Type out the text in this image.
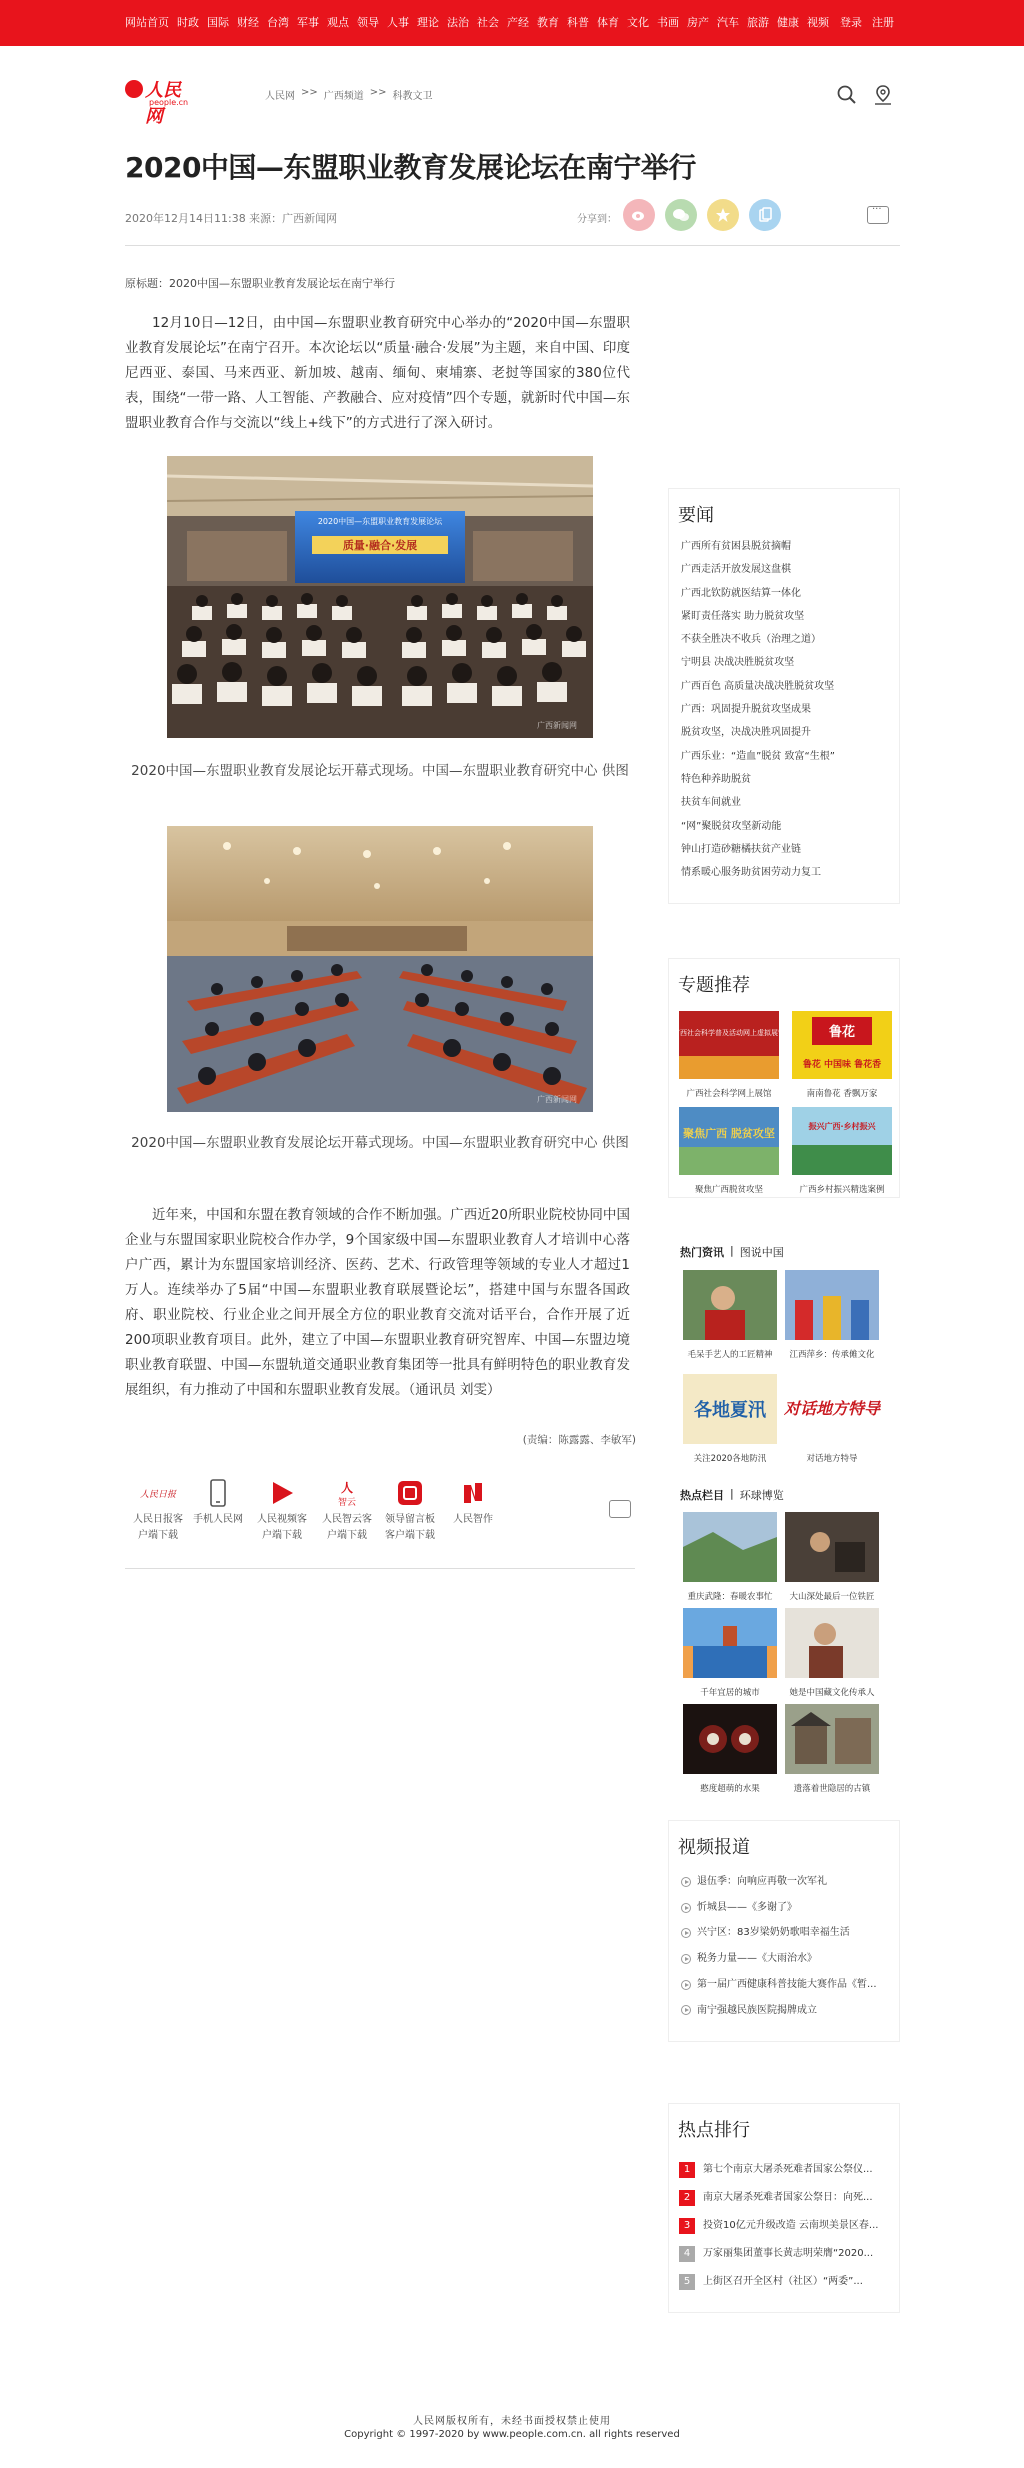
网站首页 时政 国际 财经 台湾 军事 观点 领导 人事 理论 法治 社会 产经 教育 科普 体育 文化 书画 房产 汽车 旅游 健康 视频 登录 注册
人民网
people.cn
人民网 >> 广西频道 >> 科教文卫
2020中国—东盟职业教育发展论坛在南宁举行
2020年12月14日11:38 来源：广西新闻网	分享到：
···
原标题：2020中国—东盟职业教育发展论坛在南宁举行

12月10日—12日，由中国—东盟职业教育研究中心举办的“2020中国—东盟职业教育发展论坛”在南宁召开。本次论坛以“质量·融合·发展”为主题，来自中国、印度尼西亚、泰国、马来西亚、新加坡、越南、缅甸、柬埔寨、老挝等国家的380位代表，围绕“一带一路、人工智能、产教融合、应对疫情”四个专题，就新时代中国—东盟职业教育合作与交流以“线上+线下”的方式进行了深入研讨。

2020中国—东盟职业教育发展论坛
质量·融合·发展
广西新闻网
2020中国—东盟职业教育发展论坛开幕式现场。中国—东盟职业教育研究中心 供图
广西新闻网
2020中国—东盟职业教育发展论坛开幕式现场。中国—东盟职业教育研究中心 供图

近年来，中国和东盟在教育领域的合作不断加强。广西近20所职业院校协同中国企业与东盟国家职业院校合作办学，9个国家级中国—东盟职业教育人才培训中心落户广西，累计为东盟国家培训经济、医药、艺术、行政管理等领域的专业人才超过1万人。连续举办了5届“中国—东盟职业教育联展暨论坛”，搭建中国与东盟各国政府、职业院校、行业企业之间开展全方位的职业教育交流对话平台，合作开展了近200项职业教育项目。此外，建立了中国—东盟职业教育研究智库、中国—东盟边境职业教育联盟、中国—东盟轨道交通职业教育集团等一批具有鲜明特色的职业教育发展组织，有力推动了中国和东盟职业教育发展。（通讯员 刘雯）

(责编：陈露露、李敏军)
人民日报
人民日报客
户端下载
手机人民网	人民视频客
户端下载
人
智云
人民智云客
户端下载
领导留言板
客户端下载
人民智作
要闻
广西所有贫困县脱贫摘帽
广西走活开放发展这盘棋
广西北钦防就医结算一体化
紧盯责任落实 助力脱贫攻坚
不获全胜决不收兵（治理之道）
宁明县 决战决胜脱贫攻坚
广西百色 高质量决战决胜脱贫攻坚
广西：巩固提升脱贫攻坚成果
脱贫攻坚，决战决胜巩固提升
广西乐业：“造血”脱贫 致富“生根”
特色种养助脱贫
扶贫车间就业
“网”聚脱贫攻坚新动能
钟山打造砂糖橘扶贫产业链
情系暖心服务助贫困劳动力复工
专题推荐
广西社会科学普及活动网上虚拟展馆
广西社会科学网上展馆
鲁花
鲁花 中国味 鲁花香
南南鲁花 香飘万家
聚焦广西 脱贫攻坚
聚焦广西脱贫攻坚
振兴广西·乡村振兴
广西乡村振兴精选案例
热门资讯 | 图说中国
毛呆手艺人的工匠精神	江西萍乡：传承傩文化
各地夏汛
关注2020各地防汛
对话地方特导
对话地方特导
热点栏目 | 环球博览
重庆武隆：春暖农事忙	大山深处最后一位铁匠
千年宜居的城市	她是中国藏文化传承人
憨度超萌的水果	遗落着世隐居的古镇
视频报道
退伍季：向响应再敬一次军礼
忻城县——《多谢了》
兴宁区：83岁梁奶奶歌唱幸福生活
税务力量——《大雨治水》
第一届广西健康科普技能大赛作品《暂...
南宁强越民族医院揭牌成立
热点排行
1	第七个南京大屠杀死难者国家公祭仪...
2	南京大屠杀死难者国家公祭日：向死...
3	投资10亿元升级改造 云南坝美景区春...
4	万家丽集团董事长黄志明荣膺“2020...
5	上街区召开全区村（社区）“两委”...
人民网版权所有，未经书面授权禁止使用
Copyright © 1997-2020 by www.people.com.cn. all rights reserved
